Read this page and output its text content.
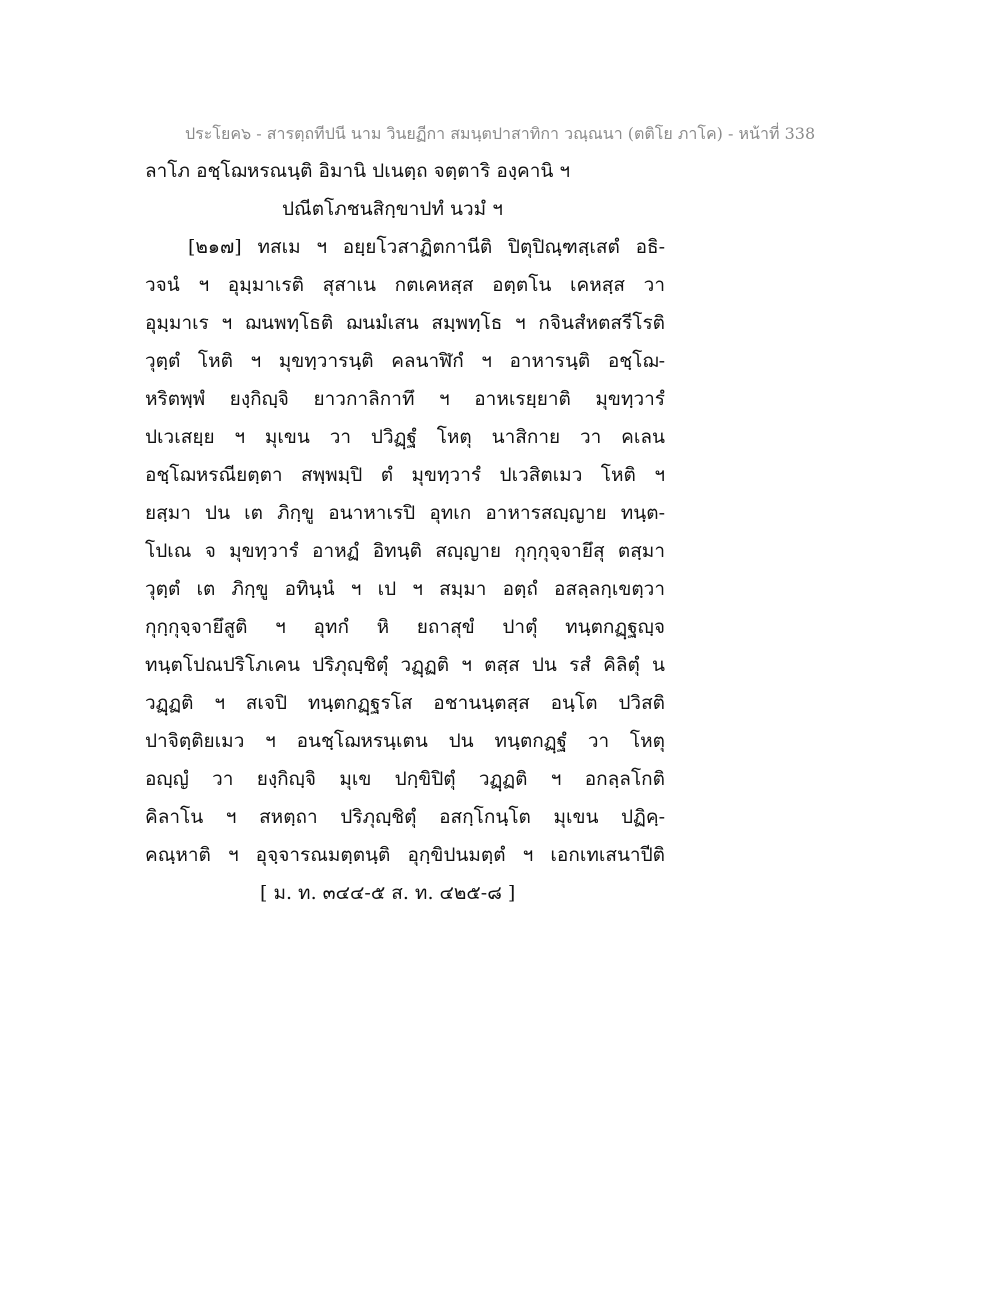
ประโยค๖ - สารตฺถทีปนี นาม วินยฏีกา สมนฺตปาสาทิกา วณฺณนา (ตติโย ภาโค) - หน้าที่ 338
ลาโภ อชฺโฌหรณนฺติ อิมานิ ปเนตฺถ จตฺตาริ องฺคานิ ฯ
ปณีตโภชนสิกฺขาปทํ นวมํ ฯ
[๒๑๗] ทสเม ฯ อยฺยโวสาฏิตกานีติ ปิตุปิณฺฑสฺเสตํ อธิ-
วจนํ ฯ อุมฺมาเรติ สุสาเน กตเคหสฺส อตฺตโน เคหสฺส วา
อุมฺมาเร ฯ ฌนพทฺโธติ ฌนมํเสน สมฺพทฺโธ ฯ กจินสํหตสรีโรติ
วุตฺตํ โหติ ฯ มุขทฺวารนฺติ คลนาฬิกํ ฯ อาหารนฺติ อชฺโฌ-
หริตพฺพํ ยงฺกิญฺจิ ยาวกาลิกาทึ ฯ อาหเรยฺยาติ มุขทฺวารํ
ปเวเสยฺย ฯ มุเขน วา ปวิฏฺฐํ โหตุ นาสิกาย วา คเลน
อชฺโฌหรณียตฺตา สพฺพมฺปิ ตํ มุขทฺวารํ ปเวสิตเมว โหติ ฯ
ยสฺมา ปน เต ภิกฺขู อนาหาเรปิ อุทเก อาหารสญฺญาย ทนฺต-
โปเณ จ มุขทฺวารํ อาหฏํ อิทนฺติ สญฺญาย กุกฺกุจฺจายึสุ ตสฺมา
วุตฺตํ เต ภิกฺขู อทินฺนํ ฯ เป ฯ สมฺมา อตฺถํ อสลฺลกฺเขตฺวา
กุกฺกุจฺจายึสูติ ฯ อุทกํ หิ ยถาสุขํ ปาตุํ ทนฺตกฏฺฐญฺจ
ทนฺตโปณปริโภเคน ปริภุญฺชิตุํ วฏฺฏติ ฯ ตสฺส ปน รสํ คิลิตุํ น
วฏฺฏติ ฯ สเจปิ ทนฺตกฏฺฐรโส อชานนฺตสฺส อนฺโต ปวิสติ
ปาจิตฺติยเมว ฯ อนชฺโฌหรนฺเตน ปน ทนฺตกฏฺฐํ วา โหตุ
อญฺญํ วา ยงฺกิญฺจิ มุเข ปกฺขิปิตุํ วฏฺฏติ ฯ อกลฺลโกติ
คิลาโน ฯ สหตฺถา ปริภุญฺชิตุํ อสกฺโกนฺโต มุเขน ปฏิคฺ-
คณฺหาติ ฯ อุจฺจารณมตฺตนฺติ อุกฺขิปนมตฺตํ ฯ เอกเทเสนาปีติ
[ ม. ท. ๓๔๔-๕ ส. ท. ๔๒๕-๘ ]
